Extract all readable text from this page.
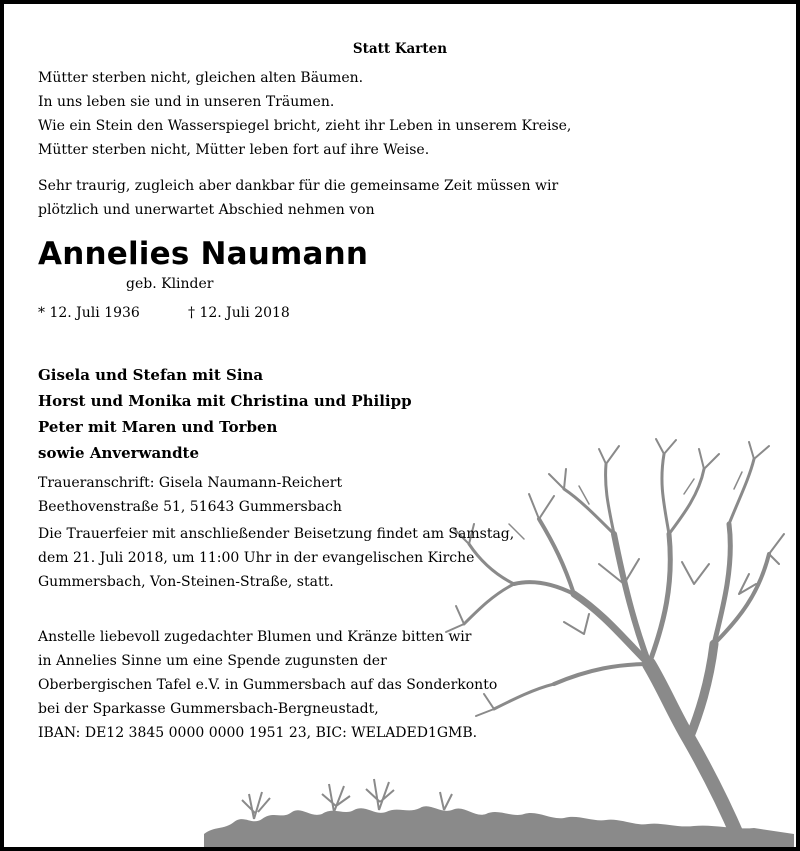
Statt Karten
Mütter sterben nicht, gleichen alten Bäumen.
In uns leben sie und in unseren Träumen.
Wie ein Stein den Wasserspiegel bricht, zieht ihr Leben in unserem Kreise,
Mütter sterben nicht, Mütter leben fort auf ihre Weise.
Sehr traurig, zugleich aber dankbar für die gemeinsame Zeit müssen wir
plötzlich und unerwartet Abschied nehmen von
Annelies Naumann
geb. Klinder
* 12. Juli 1936	† 12. Juli 2018
Gisela und Stefan mit Sina
Horst und Monika mit Christina und Philipp
Peter mit Maren und Torben
sowie Anverwandte
Traueranschrift: Gisela Naumann-Reichert
Beethovenstraße 51, 51643 Gummersbach
Die Trauerfeier mit anschließender Beisetzung findet am Samstag,
dem 21. Juli 2018, um 11:00 Uhr in der evangelischen Kirche
Gummersbach, Von-Steinen-Straße, statt.
Anstelle liebevoll zugedachter Blumen und Kränze bitten wir
in Annelies Sinne um eine Spende zugunsten der
Oberbergischen Tafel e.V. in Gummersbach auf das Sonderkonto
bei der Sparkasse Gummersbach-Bergneustadt,
IBAN: DE12 3845 0000 0000 1951 23, BIC: WELADED1GMB.
